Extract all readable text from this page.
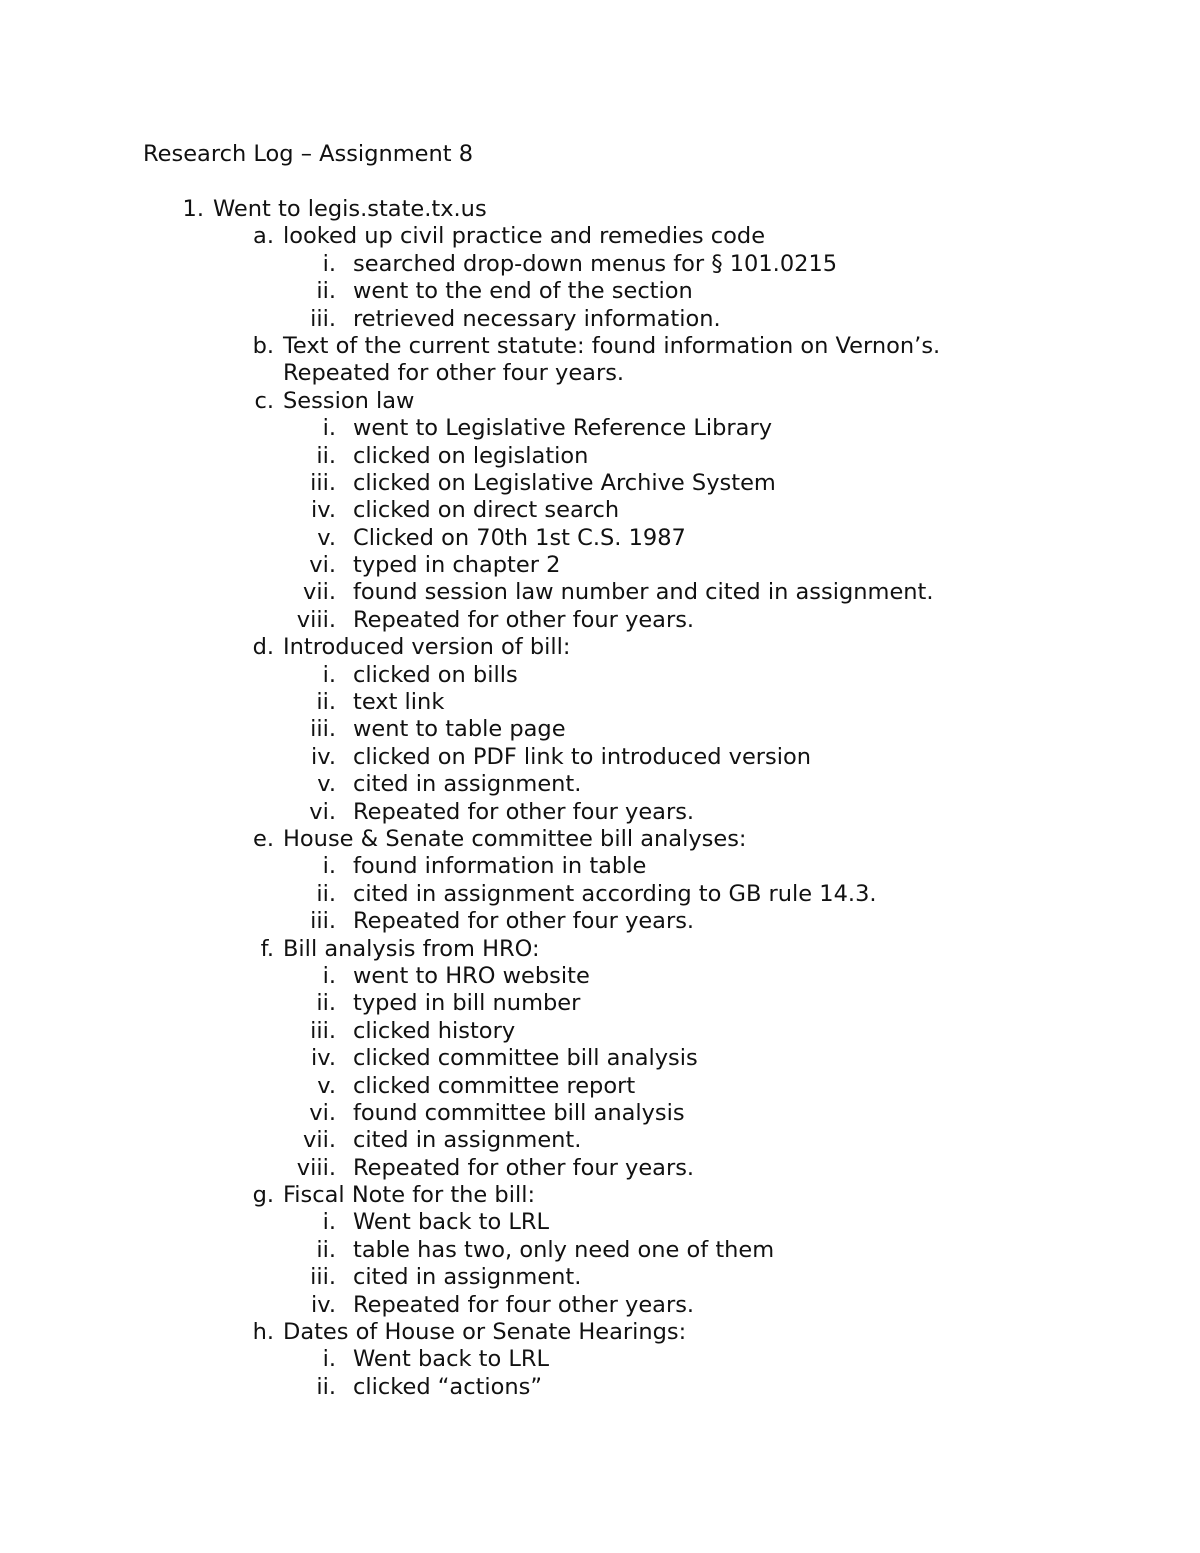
Research Log – Assignment 8
1. Went to legis.state.tx.us
a. looked up civil practice and remedies code
i. searched drop-down menus for § 101.0215
ii. went to the end of the section
iii. retrieved necessary information.
b. Text of the current statute: found information on Vernon’s.
Repeated for other four years.
c. Session law
i. went to Legislative Reference Library
ii. clicked on legislation
iii. clicked on Legislative Archive System
iv. clicked on direct search
v. Clicked on 70th 1st C.S. 1987
vi. typed in chapter 2
vii. found session law number and cited in assignment.
viii. Repeated for other four years.
d. Introduced version of bill:
i. clicked on bills
ii. text link
iii. went to table page
iv. clicked on PDF link to introduced version
v. cited in assignment.
vi. Repeated for other four years.
e. House & Senate committee bill analyses:
i. found information in table
ii. cited in assignment according to GB rule 14.3.
iii. Repeated for other four years.
f. Bill analysis from HRO:
i. went to HRO website
ii. typed in bill number
iii. clicked history
iv. clicked committee bill analysis
v. clicked committee report
vi. found committee bill analysis
vii. cited in assignment.
viii. Repeated for other four years.
g. Fiscal Note for the bill:
i. Went back to LRL
ii. table has two, only need one of them
iii. cited in assignment.
iv. Repeated for four other years.
h. Dates of House or Senate Hearings:
i. Went back to LRL
ii. clicked “actions”
